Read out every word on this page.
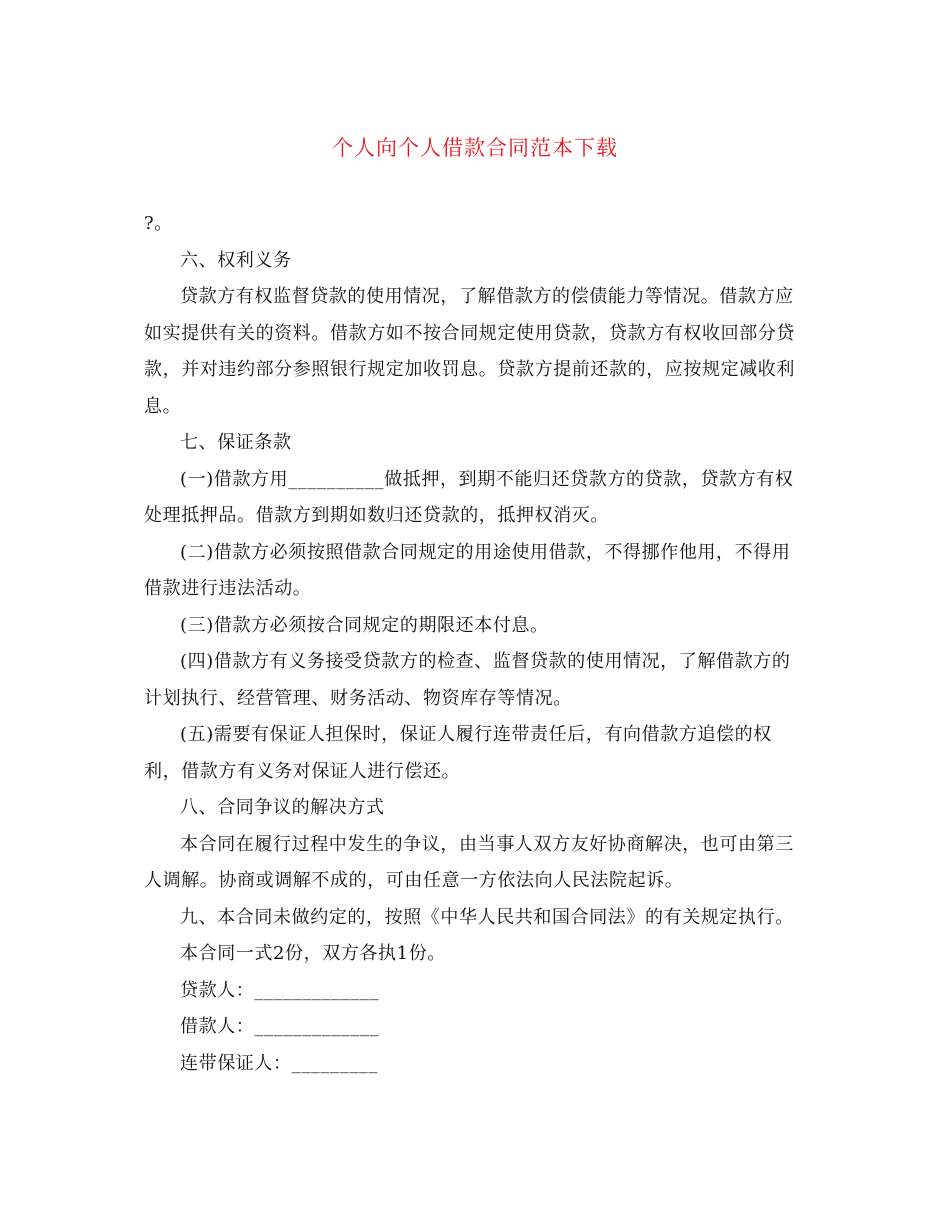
个人向个人借款合同范本下载

?。

六、权利义务

贷款方有权监督贷款的使用情况，了解借款方的偿债能力等情况。借款方应如实提供有关的资料。借款方如不按合同规定使用贷款，贷款方有权收回部分贷款，并对违约部分参照银行规定加收罚息。贷款方提前还款的，应按规定减收利息。

七、保证条款

(一)借款方用__________做抵押，到期不能归还贷款方的贷款，贷款方有权处理抵押品。借款方到期如数归还贷款的，抵押权消灭。

(二)借款方必须按照借款合同规定的用途使用借款，不得挪作他用，不得用借款进行违法活动。

(三)借款方必须按合同规定的期限还本付息。

(四)借款方有义务接受贷款方的检查、监督贷款的使用情况，了解借款方的计划执行、经营管理、财务活动、物资库存等情况。

(五)需要有保证人担保时，保证人履行连带责任后，有向借款方追偿的权利，借款方有义务对保证人进行偿还。

八、合同争议的解决方式

本合同在履行过程中发生的争议，由当事人双方友好协商解决，也可由第三人调解。协商或调解不成的，可由任意一方依法向人民法院起诉。

九、本合同未做约定的，按照《中华人民共和国合同法》的有关规定执行。

本合同一式2份，双方各执1份。

贷款人：_____________

借款人：_____________

连带保证人：_________
